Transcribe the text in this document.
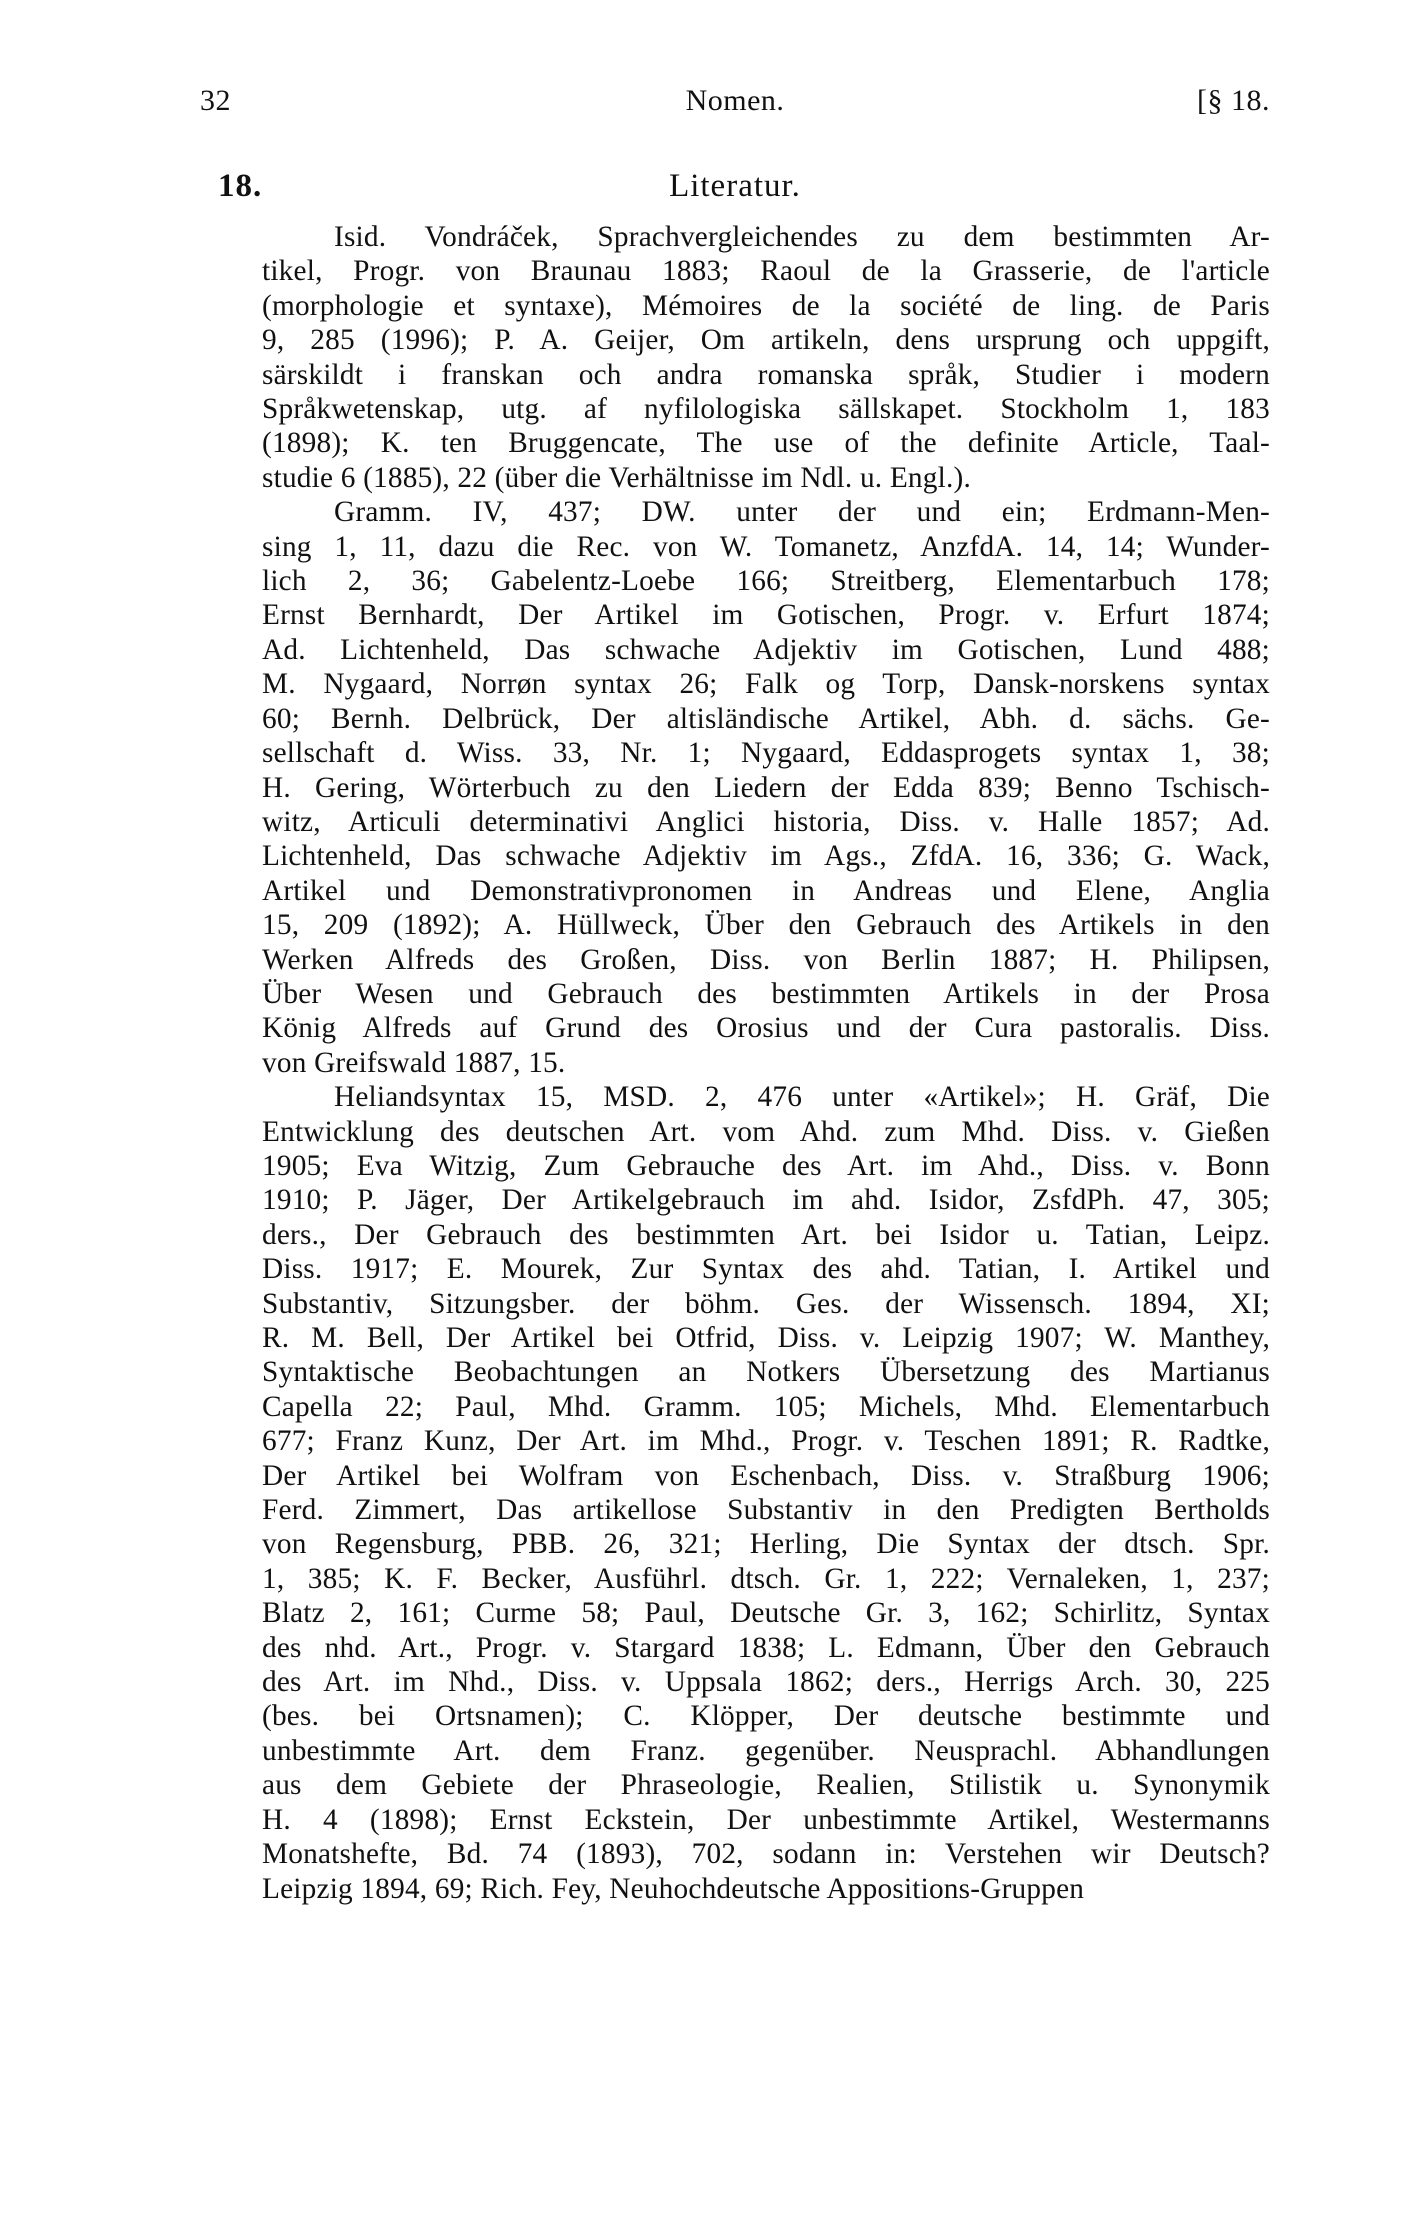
32	Nomen.	[§ 18.
18.	Literatur.
Isid. Vondráček, Sprachvergleichendes zu dem bestimmten Ar-
tikel, Progr. von Braunau 1883; Raoul de la Grasserie, de l'article
(morphologie et syntaxe), Mémoires de la société de ling. de Paris
9, 285 (1996); P. A. Geijer, Om artikeln, dens ursprung och uppgift,
särskildt i franskan och andra romanska språk, Studier i modern
Språkwetenskap, utg. af nyfilologiska sällskapet. Stockholm 1, 183
(1898); K. ten Bruggencate, The use of the definite Article, Taal-
studie 6 (1885), 22 (über die Verhältnisse im Ndl. u. Engl.).
Gramm. IV, 437; DW. unter der und ein; Erdmann-Men-
sing 1, 11, dazu die Rec. von W. Tomanetz, AnzfdA. 14, 14; Wunder-
lich 2, 36; Gabelentz-Loebe 166; Streitberg, Elementarbuch 178;
Ernst Bernhardt, Der Artikel im Gotischen, Progr. v. Erfurt 1874;
Ad. Lichtenheld, Das schwache Adjektiv im Gotischen, Lund 488;
M. Nygaard, Norrøn syntax 26; Falk og Torp, Dansk-norskens syntax
60; Bernh. Delbrück, Der altisländische Artikel, Abh. d. sächs. Ge-
sellschaft d. Wiss. 33, Nr. 1; Nygaard, Eddasprogets syntax 1, 38;
H. Gering, Wörterbuch zu den Liedern der Edda 839; Benno Tschisch-
witz, Articuli determinativi Anglici historia, Diss. v. Halle 1857; Ad.
Lichtenheld, Das schwache Adjektiv im Ags., ZfdA. 16, 336; G. Wack,
Artikel und Demonstrativpronomen in Andreas und Elene, Anglia
15, 209 (1892); A. Hüllweck, Über den Gebrauch des Artikels in den
Werken Alfreds des Großen, Diss. von Berlin 1887; H. Philipsen,
Über Wesen und Gebrauch des bestimmten Artikels in der Prosa
König Alfreds auf Grund des Orosius und der Cura pastoralis. Diss.
von Greifswald 1887, 15.
Heliandsyntax 15, MSD. 2, 476 unter «Artikel»; H. Gräf, Die
Entwicklung des deutschen Art. vom Ahd. zum Mhd. Diss. v. Gießen
1905; Eva Witzig, Zum Gebrauche des Art. im Ahd., Diss. v. Bonn
1910; P. Jäger, Der Artikelgebrauch im ahd. Isidor, ZsfdPh. 47, 305;
ders., Der Gebrauch des bestimmten Art. bei Isidor u. Tatian, Leipz.
Diss. 1917; E. Mourek, Zur Syntax des ahd. Tatian, I. Artikel und
Substantiv, Sitzungsber. der böhm. Ges. der Wissensch. 1894, XI;
R. M. Bell, Der Artikel bei Otfrid, Diss. v. Leipzig 1907; W. Manthey,
Syntaktische Beobachtungen an Notkers Übersetzung des Martianus
Capella 22; Paul, Mhd. Gramm. 105; Michels, Mhd. Elementarbuch
677; Franz Kunz, Der Art. im Mhd., Progr. v. Teschen 1891; R. Radtke,
Der Artikel bei Wolfram von Eschenbach, Diss. v. Straßburg 1906;
Ferd. Zimmert, Das artikellose Substantiv in den Predigten Bertholds
von Regensburg, PBB. 26, 321; Herling, Die Syntax der dtsch. Spr.
1, 385; K. F. Becker, Ausführl. dtsch. Gr. 1, 222; Vernaleken, 1, 237;
Blatz 2, 161; Curme 58; Paul, Deutsche Gr. 3, 162; Schirlitz, Syntax
des nhd. Art., Progr. v. Stargard 1838; L. Edmann, Über den Gebrauch
des Art. im Nhd., Diss. v. Uppsala 1862; ders., Herrigs Arch. 30, 225
(bes. bei Ortsnamen); C. Klöpper, Der deutsche bestimmte und
unbestimmte Art. dem Franz. gegenüber. Neusprachl. Abhandlungen
aus dem Gebiete der Phraseologie, Realien, Stilistik u. Synonymik
H. 4 (1898); Ernst Eckstein, Der unbestimmte Artikel, Westermanns
Monatshefte, Bd. 74 (1893), 702, sodann in: Verstehen wir Deutsch?
Leipzig 1894, 69; Rich. Fey, Neuhochdeutsche Appositions-Gruppen
